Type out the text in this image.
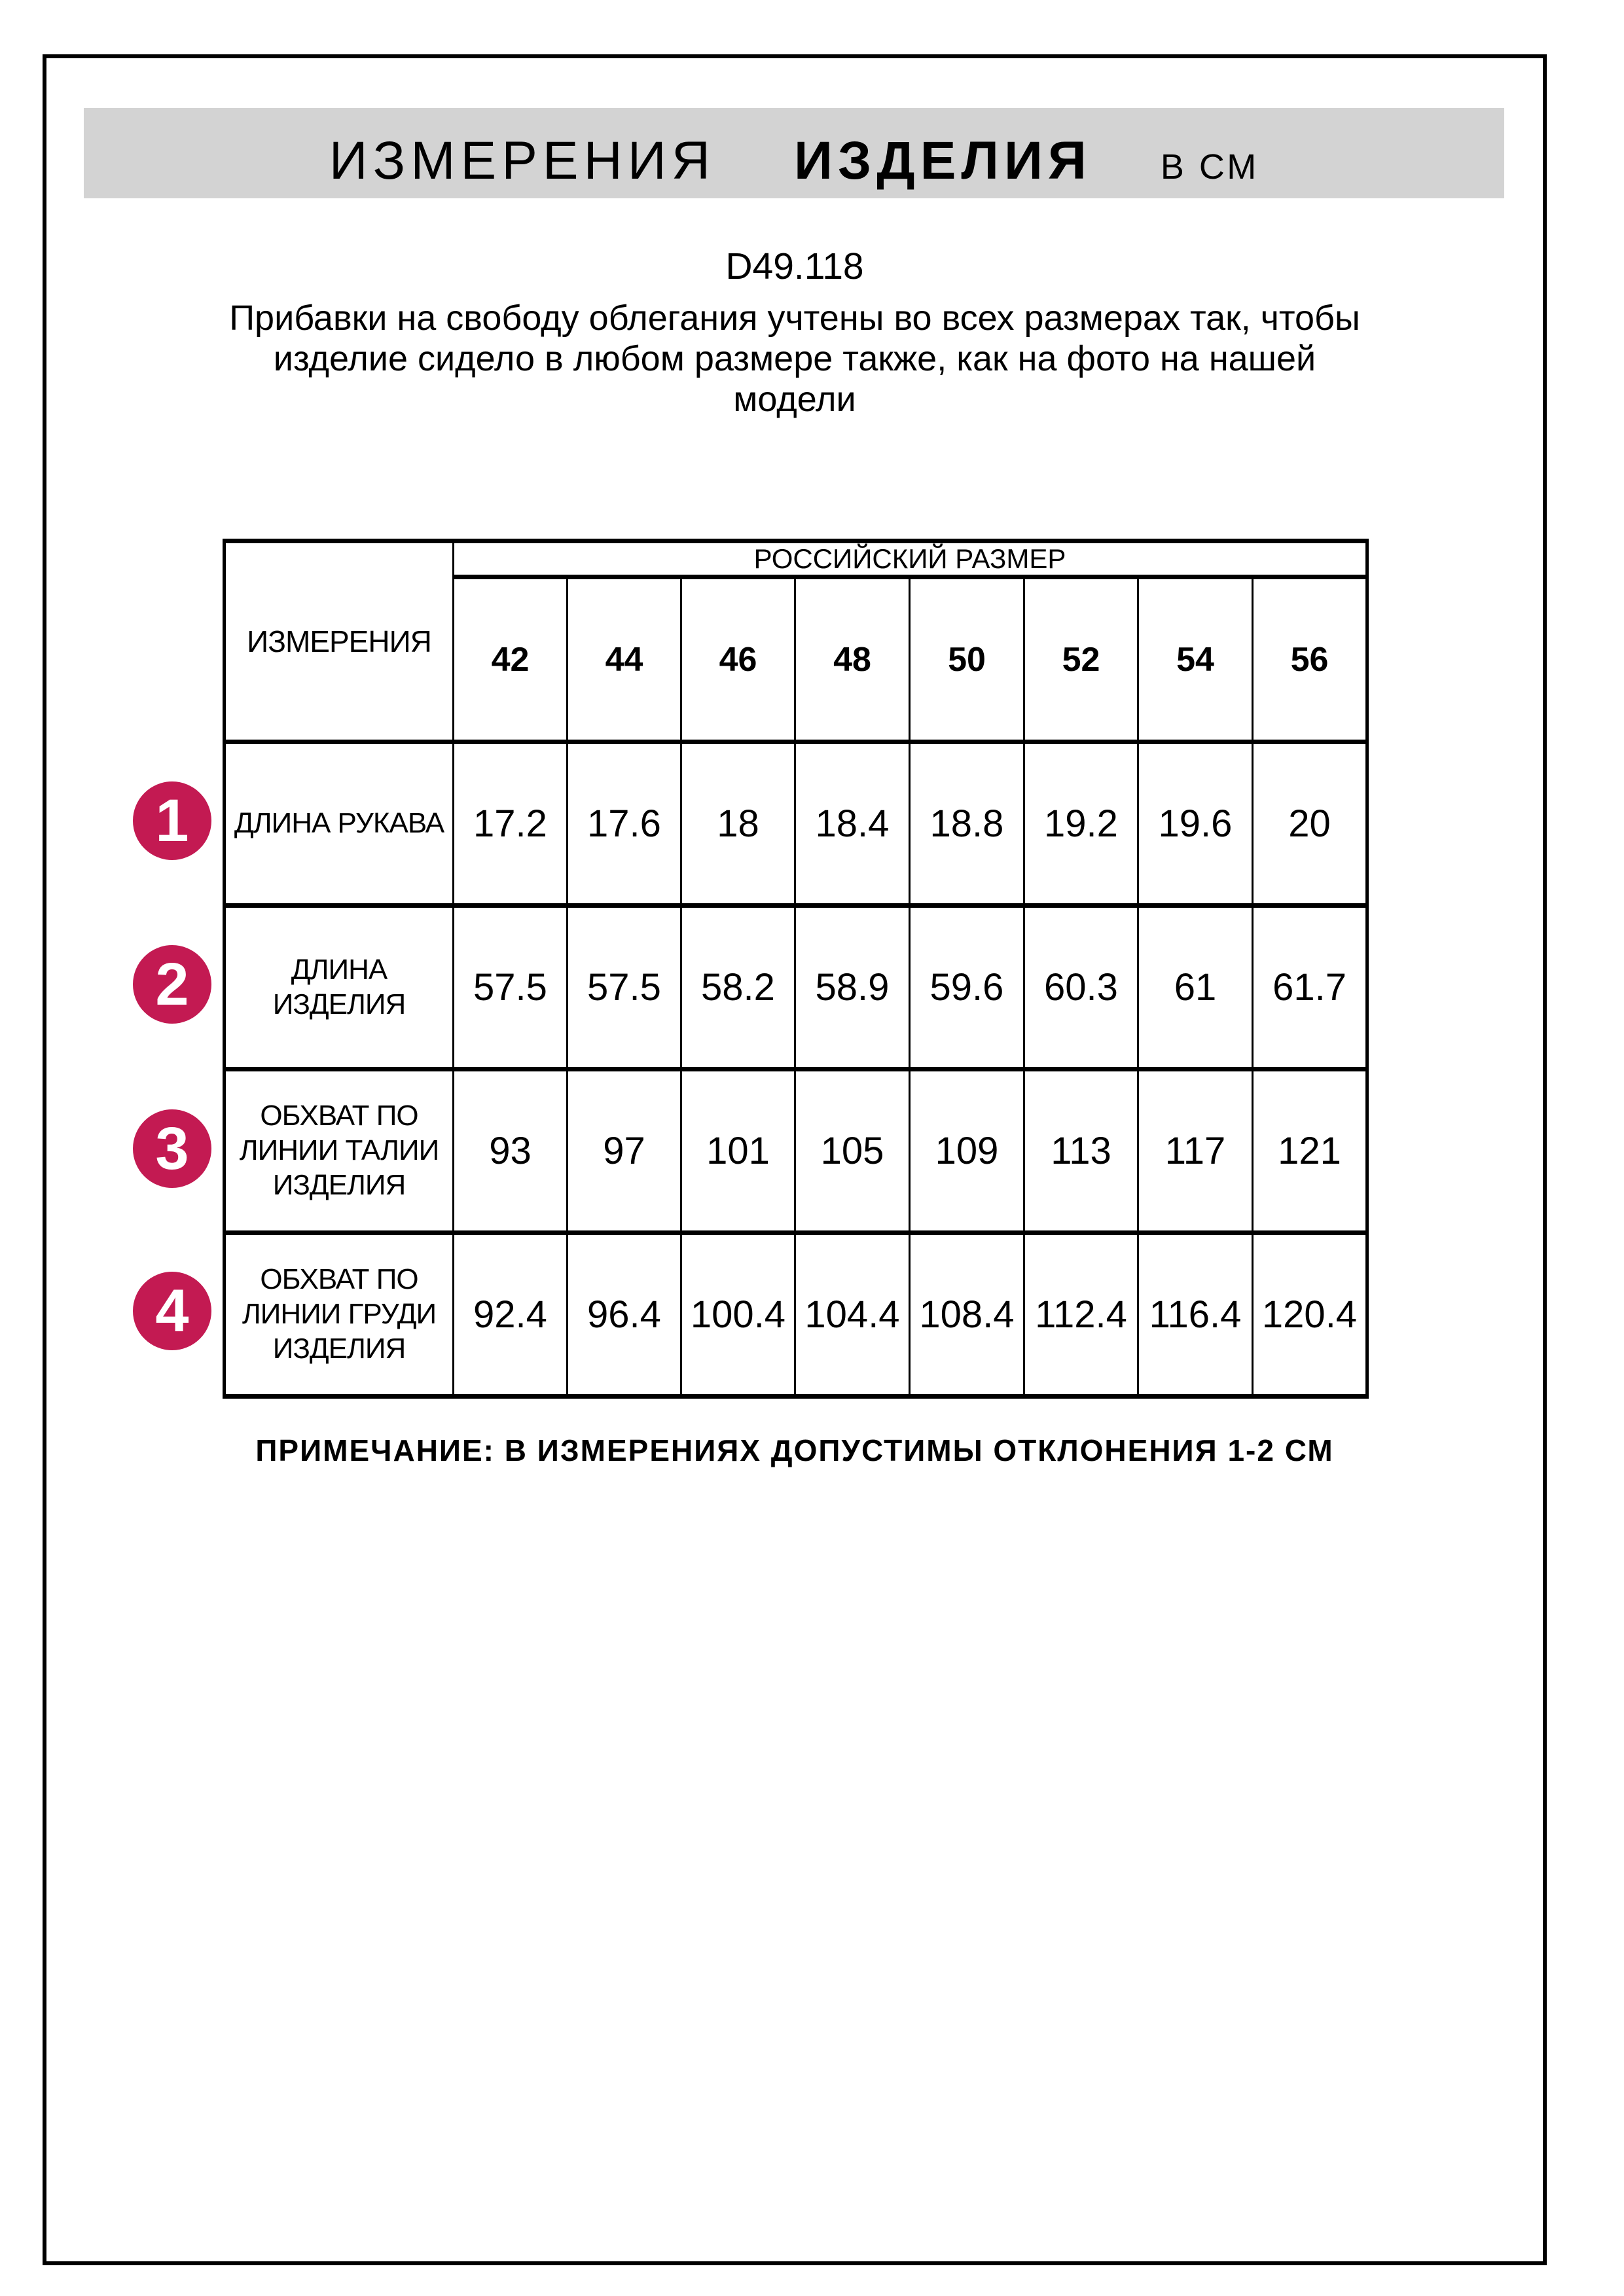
ИЗМЕРЕНИЯ ИЗДЕЛИЯ В СМ
D49.118
Прибавки на свободу облегания учтены во всех размерах так, чтобы
изделие сидело в любом размере также, как на фото на нашей
модели
ИЗМЕРЕНИЯ	РОССИЙСКИЙ РАЗМЕР							
	42	44	46	48	50	52	54	56
ДЛИНА РУКАВА	17.2	17.6	18	18.4	18.8	19.2	19.6	20
ДЛИНА ИЗДЕЛИЯ	57.5	57.5	58.2	58.9	59.6	60.3	61	61.7
ОБХВАТ ПО ЛИНИИ ТАЛИИ ИЗДЕЛИЯ	93	97	101	105	109	113	117	121
ОБХВАТ ПО ЛИНИИ ГРУДИ ИЗДЕЛИЯ	92.4	96.4	100.4	104.4	108.4	112.4	116.4	120.4
1
2
3
4
ПРИМЕЧАНИЕ: В ИЗМЕРЕНИЯХ ДОПУСТИМЫ ОТКЛОНЕНИЯ 1-2 СМ
